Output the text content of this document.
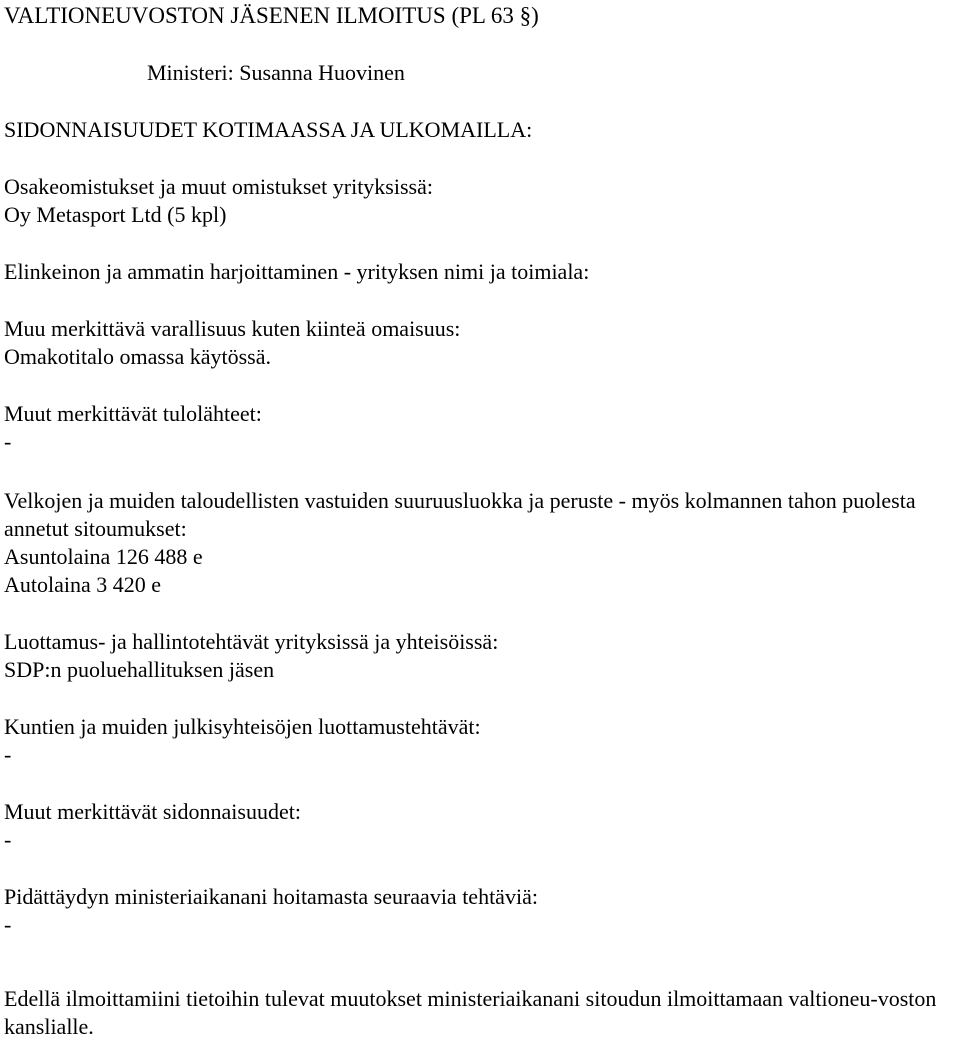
VALTIONEUVOSTON JÄSENEN ILMOITUS (PL 63 §)
Ministeri: Susanna Huovinen
SIDONNAISUUDET KOTIMAASSA JA ULKOMAILLA:
Osakeomistukset ja muut omistukset yrityksissä:
Oy Metasport Ltd (5 kpl)
Elinkeinon ja ammatin harjoittaminen - yrityksen nimi ja toimiala:
Muu merkittävä varallisuus kuten kiinteä omaisuus:
Omakotitalo omassa käytössä.
Muut merkittävät tulolähteet:
-
Velkojen ja muiden taloudellisten vastuiden suuruusluokka ja peruste - myös kolmannen tahon puolesta annetut sitoumukset:
Asuntolaina 126 488 e
Autolaina 3 420 e
Luottamus- ja hallintotehtävät yrityksissä ja yhteisöissä:
SDP:n puoluehallituksen jäsen
Kuntien ja muiden julkisyhteisöjen luottamustehtävät:
-
Muut merkittävät sidonnaisuudet:
-
Pidättäydyn ministeriaikanani hoitamasta seuraavia tehtäviä:
-
Edellä ilmoittamiini tietoihin tulevat muutokset ministeriaikanani sitoudun ilmoittamaan valtioneu-voston kanslialle.
